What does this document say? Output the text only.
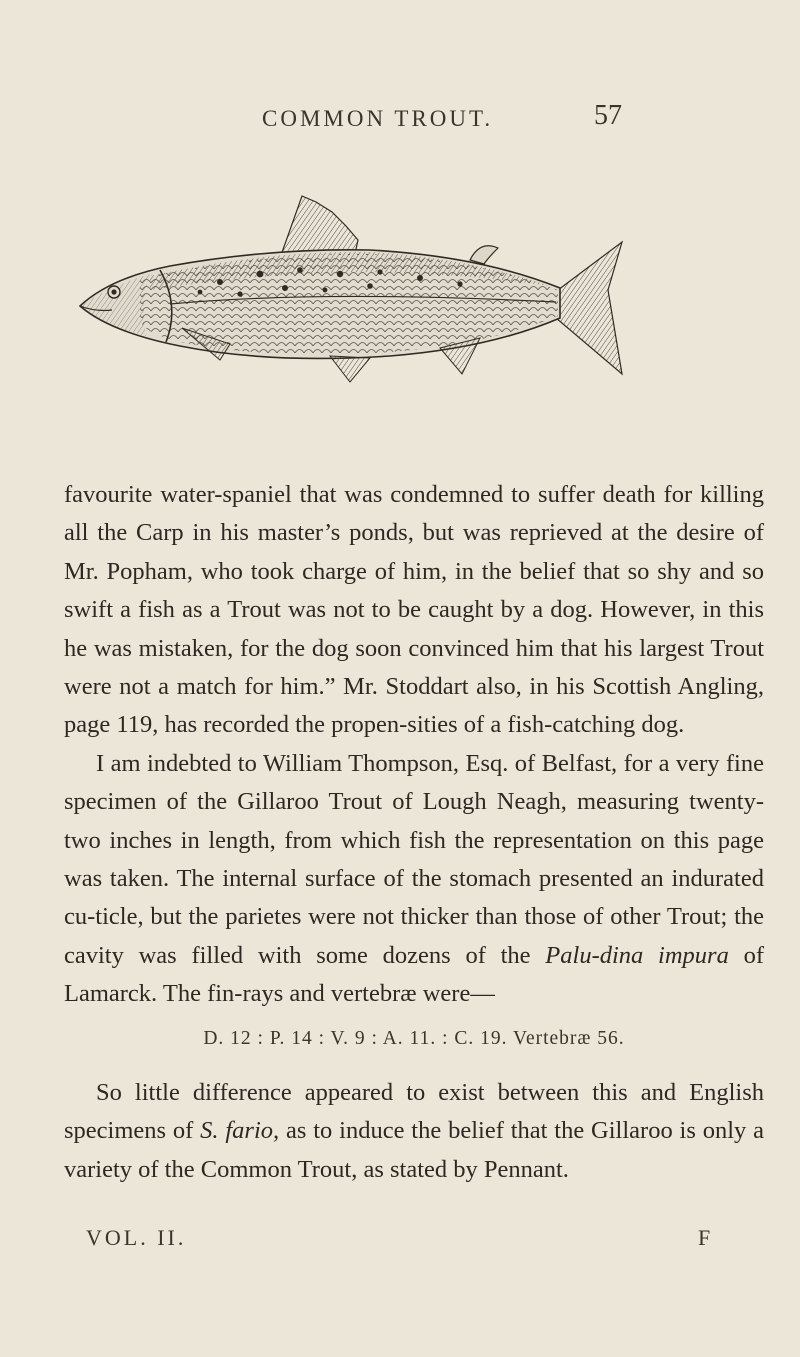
COMMON TROUT.	57

favourite water-spaniel that was condemned to suffer death for killing all the Carp in his master’s ponds, but was reprieved at the desire of Mr. Popham, who took charge of him, in the belief that so shy and so swift a fish as a Trout was not to be caught by a dog. However, in this he was mistaken, for the dog soon convinced him that his largest Trout were not a match for him.” Mr. Stoddart also, in his Scottish Angling, page 119, has recorded the propen-sities of a fish-catching dog.

I am indebted to William Thompson, Esq. of Belfast, for a very fine specimen of the Gillaroo Trout of Lough Neagh, measuring twenty-two inches in length, from which fish the representation on this page was taken. The internal surface of the stomach presented an indurated cu-ticle, but the parietes were not thicker than those of other Trout; the cavity was filled with some dozens of the Palu-dina impura of Lamarck. The fin-rays and vertebræ were—

D. 12 : P. 14 : V. 9 : A. 11. : C. 19. Vertebræ 56.

So little difference appeared to exist between this and English specimens of S. fario, as to induce the belief that the Gillaroo is only a variety of the Common Trout, as stated by Pennant.

VOL. II.	F
